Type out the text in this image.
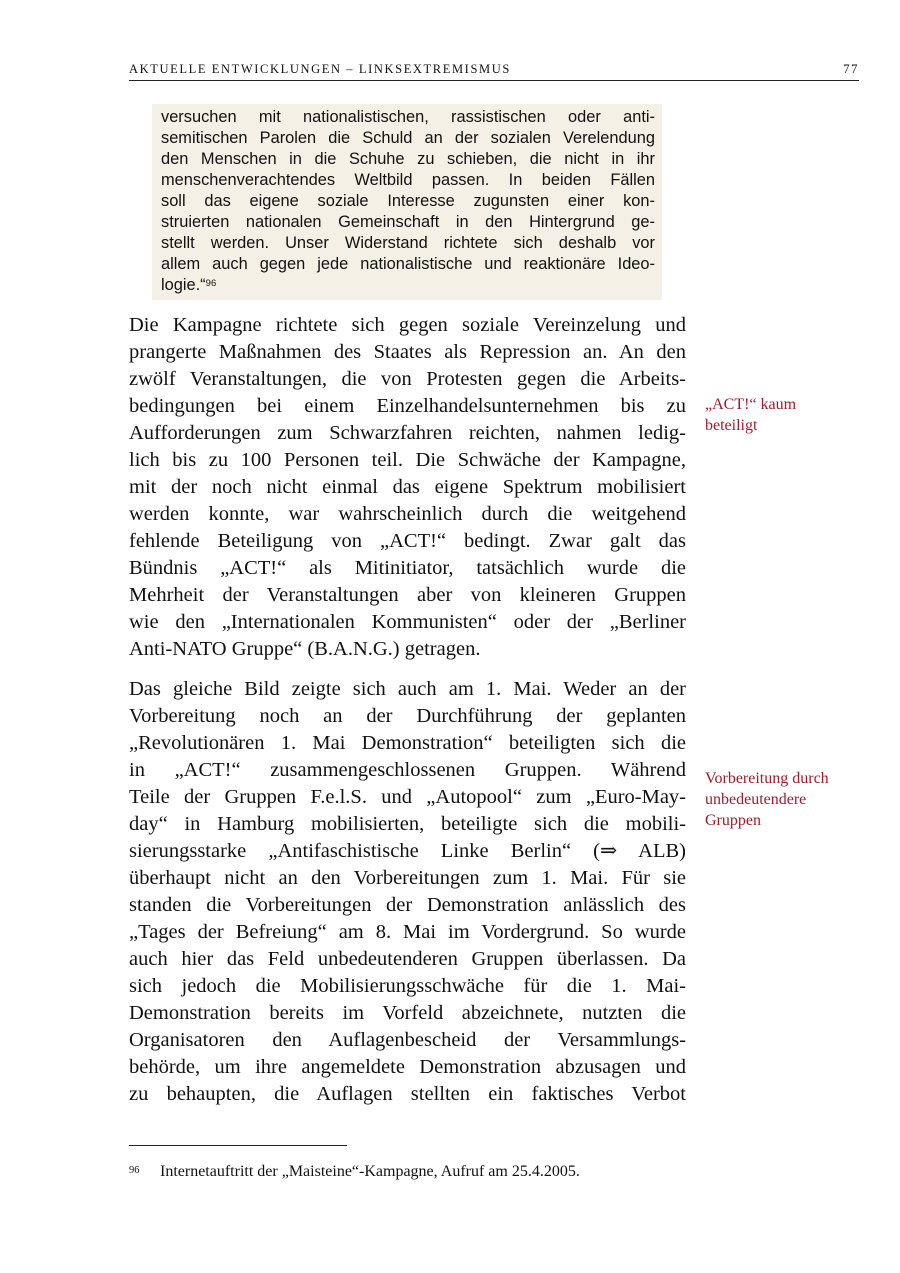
AKTUELLE ENTWICKLUNGEN – LINKSEXTREMISMUS	77
versuchen mit nationalistischen, rassistischen oder anti-
semitischen Parolen die Schuld an der sozialen Verelendung
den Menschen in die Schuhe zu schieben, die nicht in ihr
menschenverachtendes Weltbild passen. In beiden Fällen
soll das eigene soziale Interesse zugunsten einer kon-
struierten nationalen Gemeinschaft in den Hintergrund ge-
stellt werden. Unser Widerstand richtete sich deshalb vor
allem auch gegen jede nationalistische und reaktionäre Ideo-
logie.“$^{96}$
Die Kampagne richtete sich gegen soziale Vereinzelung und
prangerte Maßnahmen des Staates als Repression an. An den
zwölf Veranstaltungen, die von Protesten gegen die Arbeits-
bedingungen bei einem Einzelhandelsunternehmen bis zu
Aufforderungen zum Schwarzfahren reichten, nahmen ledig-
lich bis zu 100 Personen teil. Die Schwäche der Kampagne,
mit der noch nicht einmal das eigene Spektrum mobilisiert
werden konnte, war wahrscheinlich durch die weitgehend
fehlende Beteiligung von „ACT!“ bedingt. Zwar galt das
Bündnis „ACT!“ als Mitinitiator, tatsächlich wurde die
Mehrheit der Veranstaltungen aber von kleineren Gruppen
wie den „Internationalen Kommunisten“ oder der „Berliner
Anti-NATO Gruppe“ (B.A.N.G.) getragen.
Das gleiche Bild zeigte sich auch am 1. Mai. Weder an der
Vorbereitung noch an der Durchführung der geplanten
„Revolutionären 1. Mai Demonstration“ beteiligten sich die
in „ACT!“ zusammengeschlossenen Gruppen. Während
Teile der Gruppen F.e.l.S. und „Autopool“ zum „Euro-May-
day“ in Hamburg mobilisierten, beteiligte sich die mobili-
sierungsstarke „Antifaschistische Linke Berlin“ (⇒ ALB)
überhaupt nicht an den Vorbereitungen zum 1. Mai. Für sie
standen die Vorbereitungen der Demonstration anlässlich des
„Tages der Befreiung“ am 8. Mai im Vordergrund. So wurde
auch hier das Feld unbedeutenderen Gruppen überlassen. Da
sich jedoch die Mobilisierungsschwäche für die 1. Mai-
Demonstration bereits im Vorfeld abzeichnete, nutzten die
Organisatoren den Auflagenbescheid der Versammlungs-
behörde, um ihre angemeldete Demonstration abzusagen und
zu behaupten, die Auflagen stellten ein faktisches Verbot
„ACT!“ kaum
beteiligt
Vorbereitung durch
unbedeutendere
Gruppen
96 Internetauftritt der „Maisteine“-Kampagne, Aufruf am 25.4.2005.
